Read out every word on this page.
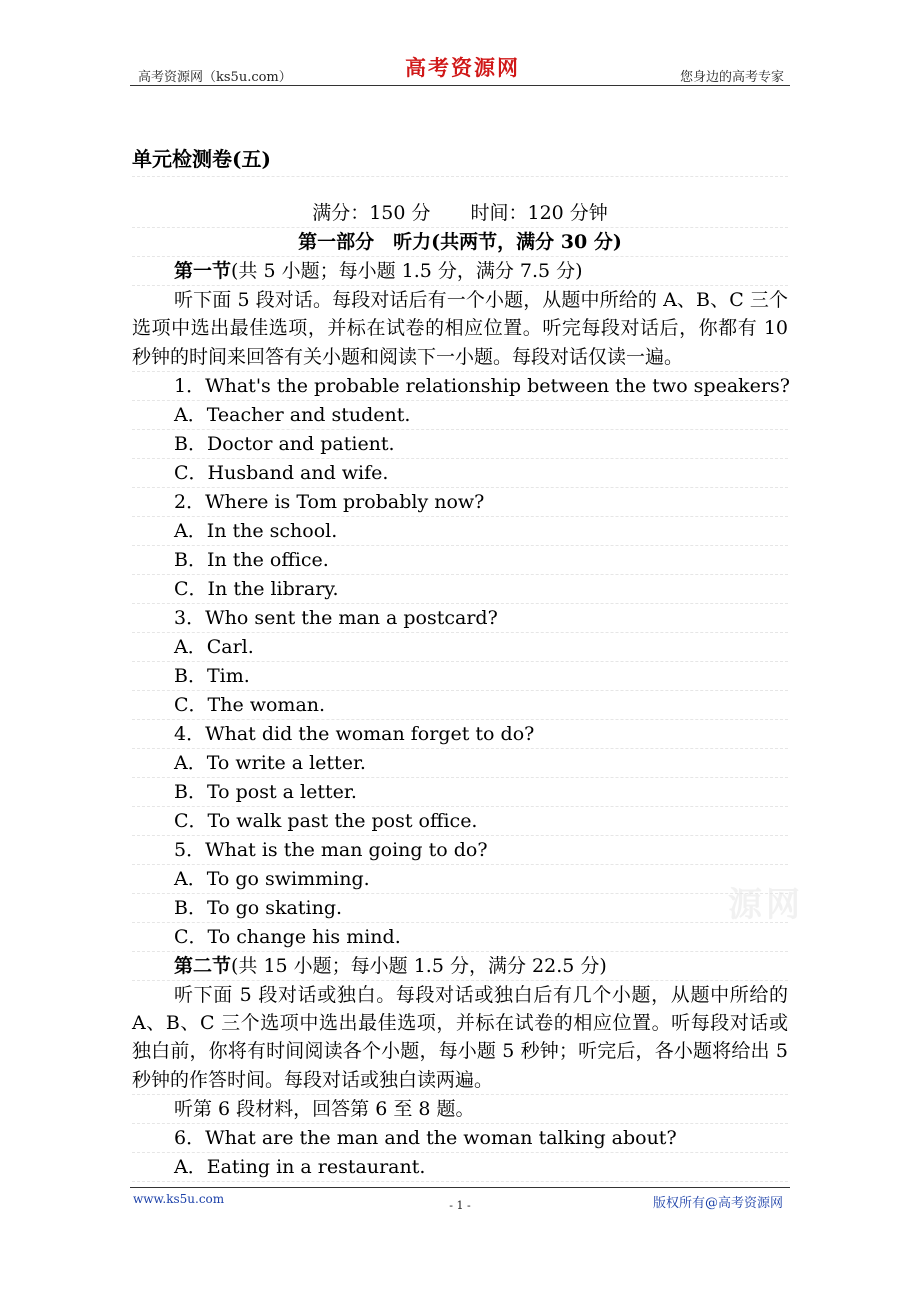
高考资源网（ks5u.com）	高考资源网	您身边的高考专家
源网
单元检测卷(五)
满分：150 分 时间：120 分钟
第一部分　听力(共两节，满分 30 分)
第一节(共 5 小题；每小题 1.5 分，满分 7.5 分)
听下面 5 段对话。每段对话后有一个小题，从题中所给的 A、B、C 三个选项中选出最佳选项，并标在试卷的相应位置。听完每段对话后，你都有 10 秒钟的时间来回答有关小题和阅读下一小题。每段对话仅读一遍。
1．What's the probable relationship between the two speakers?
A．Teacher and student.
B．Doctor and patient.
C．Husband and wife.
2．Where is Tom probably now?
A．In the school.
B．In the office.
C．In the library.
3．Who sent the man a postcard?
A．Carl.
B．Tim.
C．The woman.
4．What did the woman forget to do?
A．To write a letter.
B．To post a letter.
C．To walk past the post office.
5．What is the man going to do?
A．To go swimming.
B．To go skating.
C．To change his mind.
第二节(共 15 小题；每小题 1.5 分，满分 22.5 分)
听下面 5 段对话或独白。每段对话或独白后有几个小题，从题中所给的 A、B、C 三个选项中选出最佳选项，并标在试卷的相应位置。听每段对话或独白前，你将有时间阅读各个小题，每小题 5 秒钟；听完后，各小题将给出 5 秒钟的作答时间。每段对话或独白读两遍。
听第 6 段材料，回答第 6 至 8 题。
6．What are the man and the woman talking about?
A．Eating in a restaurant.
www.ks5u.com	- 1 -	版权所有@高考资源网
